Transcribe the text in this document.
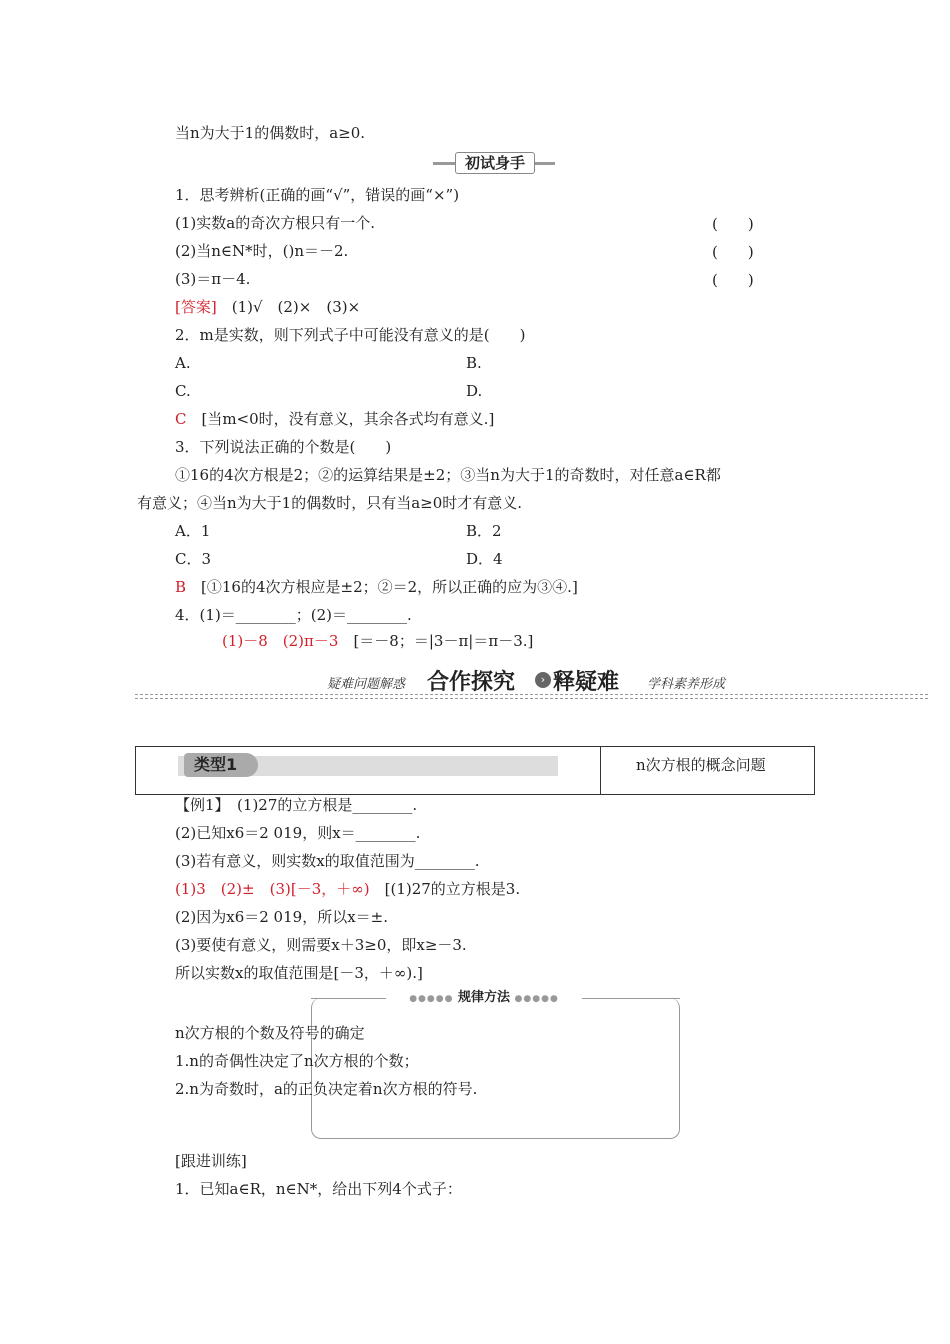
当n为大于1的偶数时，a≥0.
初试身手
1．思考辨析(正确的画“√”，错误的画“×”)
(1)实数a的奇次方根只有一个.	(　　)
(2)当n∈N*时，()n＝－2.	(　　)
(3)＝π－4.	(　　)
[答案]　(1)√　(2)×　(3)×
2．m是实数，则下列式子中可能没有意义的是(　　)
A.	B.
C.	D.
C　[当m<0时，没有意义，其余各式均有意义.]
3．下列说法正确的个数是(　　)
①16的4次方根是2；②的运算结果是±2；③当n为大于1的奇数时，对任意a∈R都
有意义；④当n为大于1的偶数时，只有当a≥0时才有意义.
A．1	B．2
C．3	D．4
B　[①16的4次方根应是±2；②＝2，所以正确的应为③④.]
4．(1)＝________；(2)＝________.
(1)－8　(2)π－3　[＝－8；＝|3－π|＝π－3.]
疑难问题解惑 合作探究	› 释疑难 学科素养形成
类型1	n次方根的概念问题
【例1】　(1)27的立方根是________.
(2)已知x6＝2 019，则x＝________.
(3)若有意义，则实数x的取值范围为________.
(1)3　(2)±　(3)[－3，＋∞)　[(1)27的立方根是3.
(2)因为x6＝2 019，所以x＝±.
(3)要使有意义，则需要x＋3≥0，即x≥－3.
所以实数x的取值范围是[－3，＋∞).]
●●●●● 规律方法 ●●●●●
n次方根的个数及符号的确定
1.n的奇偶性决定了n次方根的个数；
2.n为奇数时，a的正负决定着n次方根的符号.
[跟进训练]
1．已知a∈R，n∈N*，给出下列4个式子：
